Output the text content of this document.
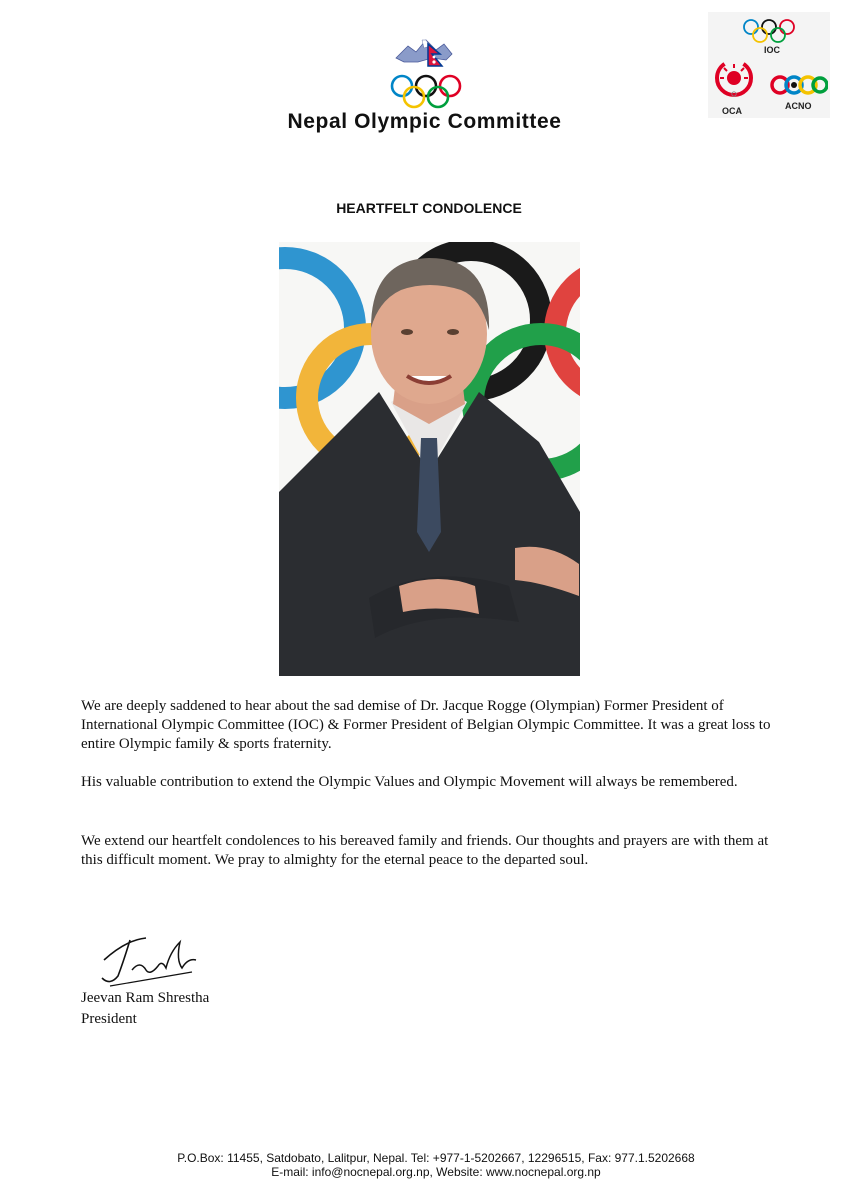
Nepal Olympic Committee
IOC
OCA	ACNO
HEARTFELT CONDOLENCE
We are deeply saddened to hear about the sad demise of Dr. Jacque Rogge (Olympian) Former President of International Olympic Committee (IOC) & Former President of Belgian Olympic Committee. It was a great loss to entire Olympic family & sports fraternity.
His valuable contribution to extend the Olympic Values and Olympic Movement will always be remembered.
We extend our heartfelt condolences to his bereaved family and friends. Our thoughts and prayers are with them at this difficult moment. We pray to almighty for the eternal peace to the departed soul.
Jeevan Ram Shrestha
President
P.O.Box: 11455, Satdobato, Lalitpur, Nepal. Tel: +977-1-5202667, 12296515, Fax: 977.1.5202668
E-mail: info@nocnepal.org.np, Website: www.nocnepal.org.np
